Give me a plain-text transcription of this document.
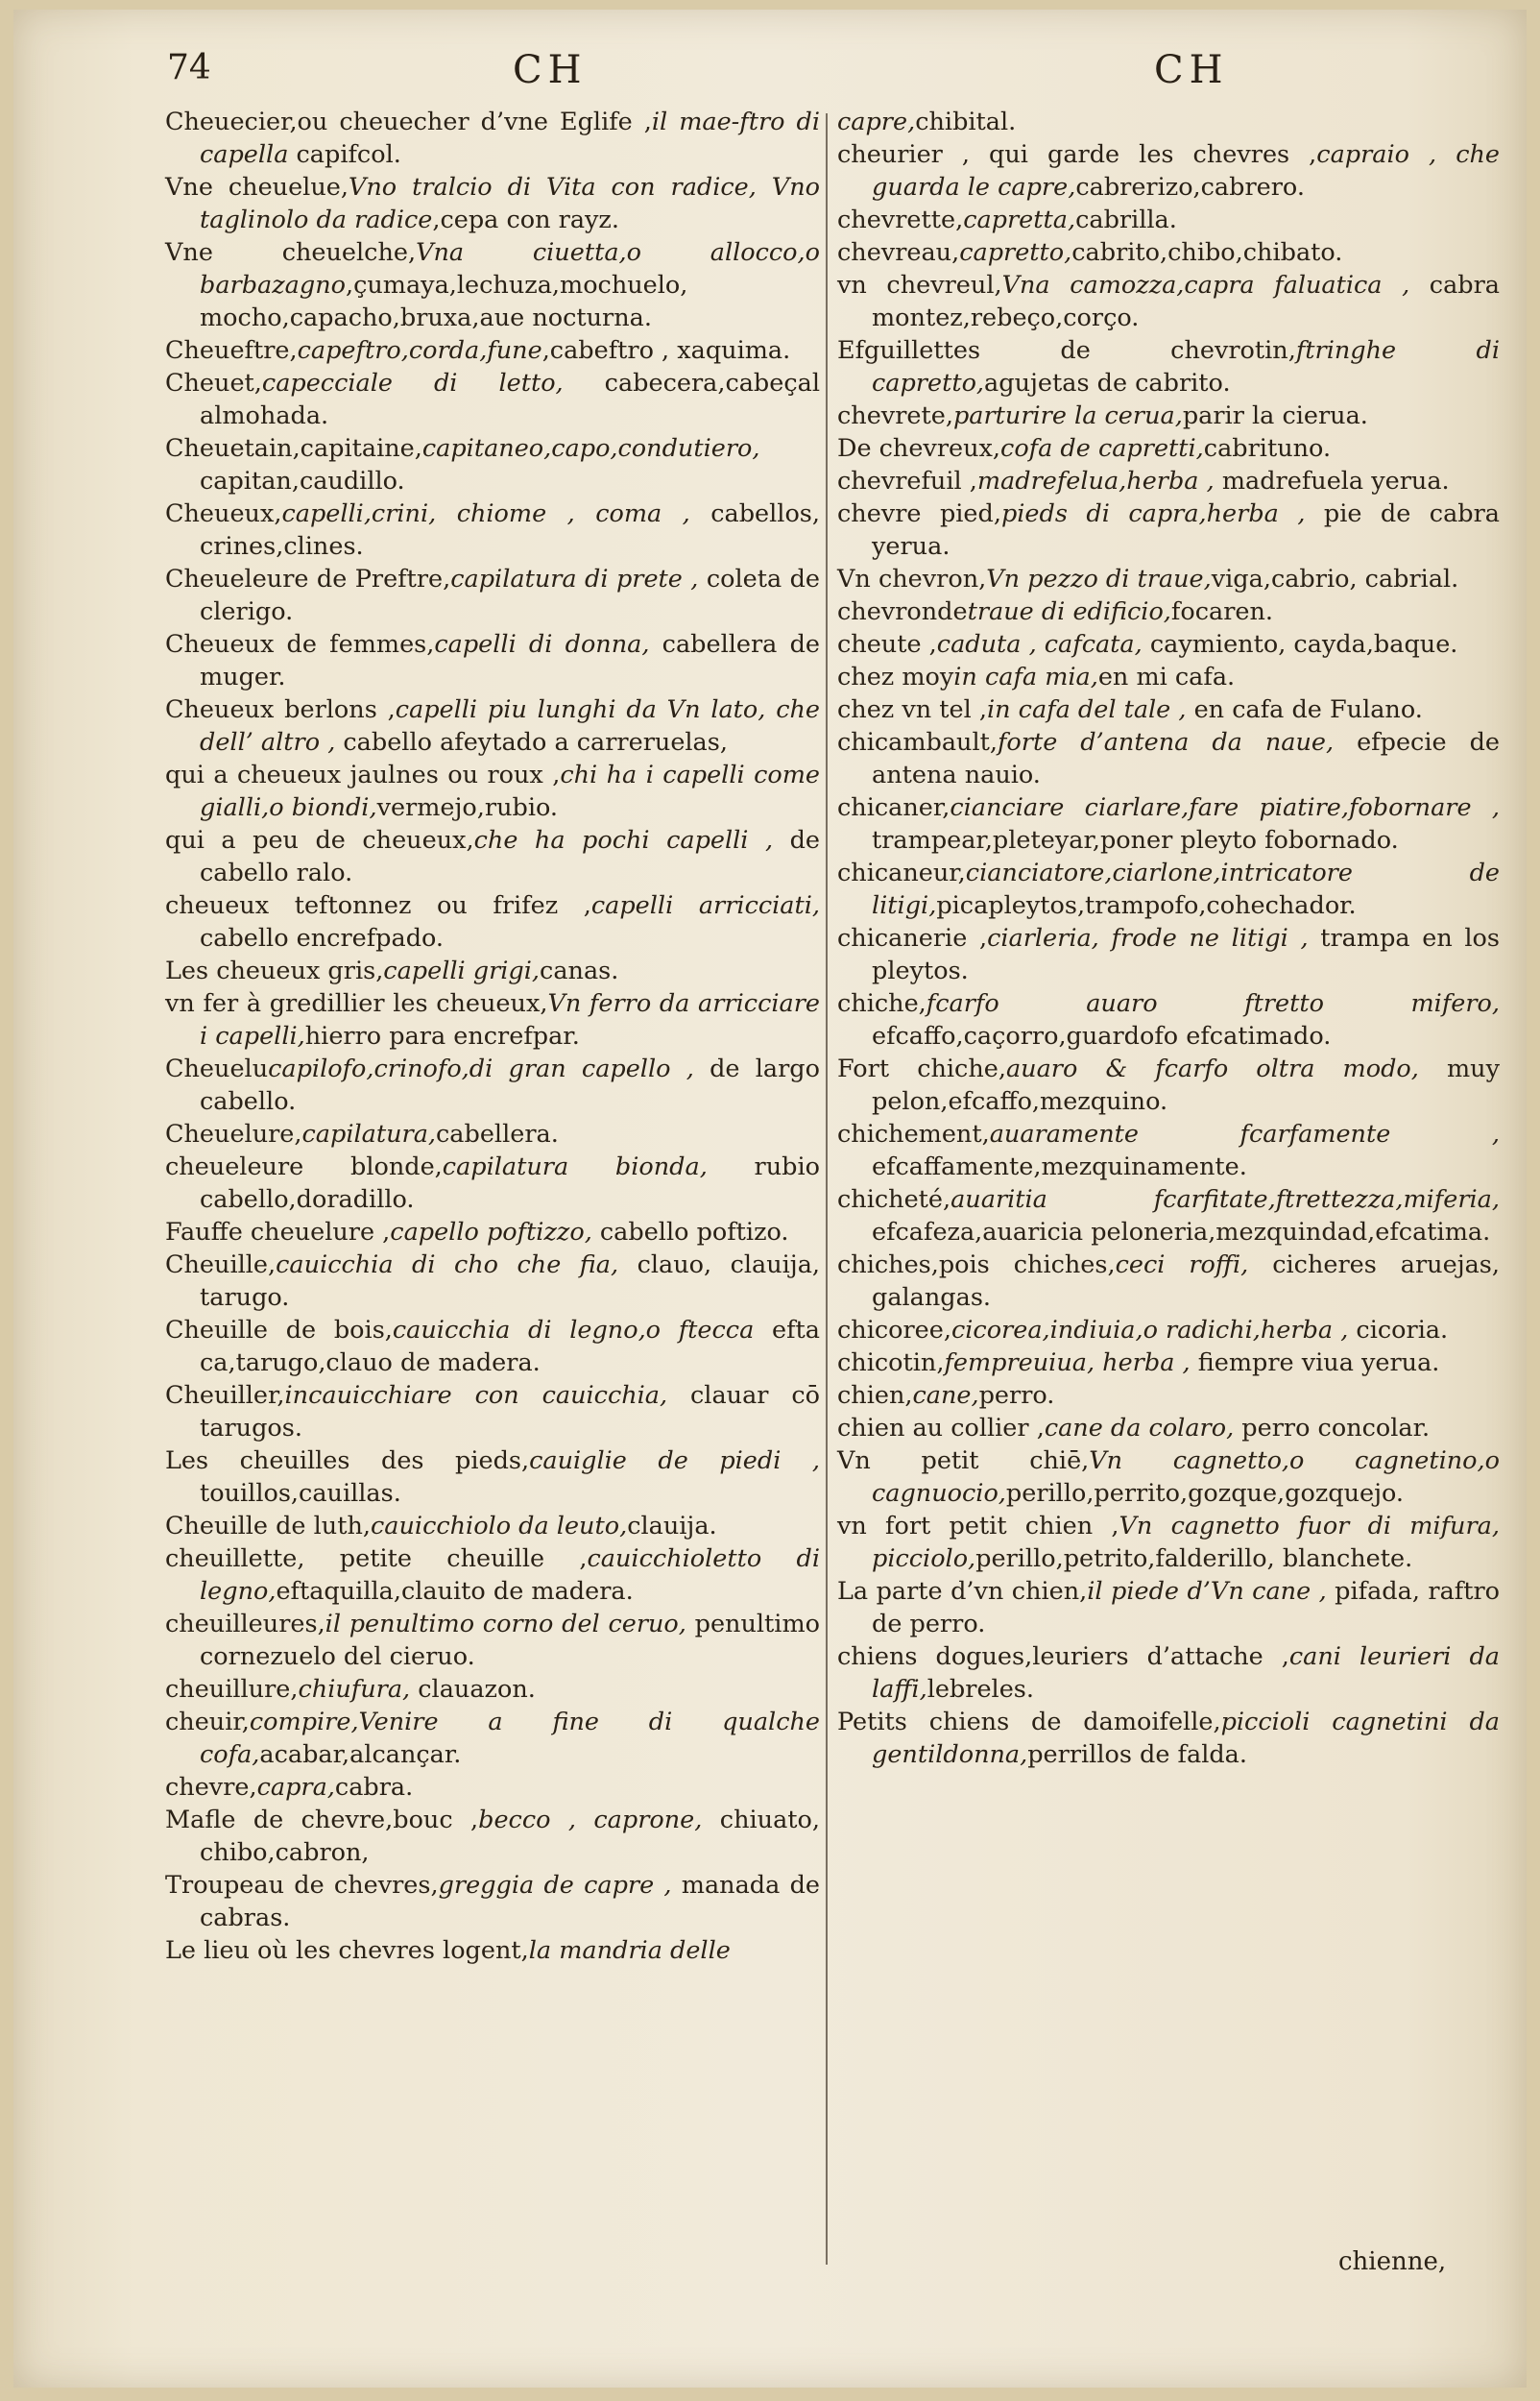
74	CH	CH
Cheuecier,ou cheuecher d’vne Eglife ,il mae-ftro di capella capifcol.
Vne cheuelue,Vno tralcio di Vita con radice, Vno taglinolo da radice,cepa con rayz.
Vne cheuelche,Vna ciuetta,o allocco,o barbazagno,çumaya,lechuza,mochuelo, mocho,capacho,bruxa,aue nocturna.
Cheueftre,capeftro,corda,fune,cabeftro , xaquima.
Cheuet,capecciale di letto, cabecera,cabeçal almohada.
Cheuetain,capitaine,capitaneo,capo,condutiero, capitan,caudillo.
Cheueux,capelli,crini, chiome , coma , cabellos, crines,clines.
Cheueleure de Preftre,capilatura di prete , coleta de clerigo.
Cheueux de femmes,capelli di donna, cabellera de muger.
Cheueux berlons ,capelli piu lunghi da Vn lato, che dell’ altro , cabello afeytado a carreruelas,
qui a cheueux jaulnes ou roux ,chi ha i capelli come gialli,o biondi,vermejo,rubio.
qui a peu de cheueux,che ha pochi capelli , de cabello ralo.
cheueux teftonnez ou frifez ,capelli arricciati, cabello encrefpado.
Les cheueux gris,capelli grigi,canas.
vn fer à gredillier les cheueux,Vn ferro da arricciare i capelli,hierro para encrefpar.
Cheuelucapilofo,crinofo,di gran capello , de largo cabello.
Cheuelure,capilatura,cabellera.
cheueleure blonde,capilatura bionda, rubio cabello,doradillo.
Fauffe cheuelure ,capello poftizzo, cabello poftizo.
Cheuille,cauicchia di cho che fia, clauo, clauija, tarugo.
Cheuille de bois,cauicchia di legno,o ftecca efta ca,tarugo,clauo de madera.
Cheuiller,incauicchiare con cauicchia, clauar cō tarugos.
Les cheuilles des pieds,cauiglie de piedi , touillos,cauillas.
Cheuille de luth,cauicchiolo da leuto,clauija.
cheuillette, petite cheuille ,cauicchioletto di legno,eftaquilla,clauito de madera.
cheuilleures,il penultimo corno del ceruo, penultimo cornezuelo del cieruo.
cheuillure,chiufura, clauazon.
cheuir,compire,Venire a fine di qualche cofa,acabar,alcançar.
chevre,capra,cabra.
Mafle de chevre,bouc ,becco , caprone, chiuato, chibo,cabron,
Troupeau de chevres,greggia de capre , manada de cabras.
Le lieu où les chevres logent,la mandria delle
capre,chibital.
cheurier , qui garde les chevres ,capraio , che guarda le capre,cabrerizo,cabrero.
chevrette,capretta,cabrilla.
chevreau,capretto,cabrito,chibo,chibato.
vn chevreul,Vna camozza,capra faluatica , cabra montez,rebeço,corço.
Efguillettes de chevrotin,ftringhe di capretto,agujetas de cabrito.
chevrete,parturire la cerua,parir la cierua.
De chevreux,cofa de capretti,cabrituno.
chevrefuil ,madrefelua,herba , madrefuela yerua.
chevre pied,pieds di capra,herba , pie de cabra yerua.
Vn chevron,Vn pezzo di traue,viga,cabrio, cabrial.
chevrondetraue di edificio,focaren.
cheute ,caduta , cafcata, caymiento, cayda,baque.
chez moyin cafa mia,en mi cafa.
chez vn tel ,in cafa del tale , en cafa de Fulano.
chicambault,forte d’antena da naue, efpecie de antena nauio.
chicaner,cianciare ciarlare,fare piatire,fobornare , trampear,pleteyar,poner pleyto fobornado.
chicaneur,cianciatore,ciarlone,intricatore de litigi,picapleytos,trampofo,cohechador.
chicanerie ,ciarleria, frode ne litigi , trampa en los pleytos.
chiche,fcarfo auaro ftretto mifero, efcaffo,caçorro,guardofo efcatimado.
Fort chiche,auaro & fcarfo oltra modo, muy pelon,efcaffo,mezquino.
chichement,auaramente fcarfamente , efcaffamente,mezquinamente.
chicheté,auaritia fcarfitate,ftrettezza,miferia, efcafeza,auaricia peloneria,mezquindad,efcatima.
chiches,pois chiches,ceci roffi, cicheres aruejas, galangas.
chicoree,cicorea,indiuia,o radichi,herba , cicoria.
chicotin,fempreuiua, herba , fiempre viua yerua.
chien,cane,perro.
chien au collier ,cane da colaro, perro concolar.
Vn petit chiē,Vn cagnetto,o cagnetino,o cagnuocio,perillo,perrito,gozque,gozquejo.
vn fort petit chien ,Vn cagnetto fuor di mifura, picciolo,perillo,petrito,falderillo, blanchete.
La parte d’vn chien,il piede d’Vn cane , pifada, raftro de perro.
chiens dogues,leuriers d’attache ,cani leurieri da laffi,lebreles.
Petits chiens de damoifelle,piccioli cagnetini da gentildonna,perrillos de falda.
chienne,
